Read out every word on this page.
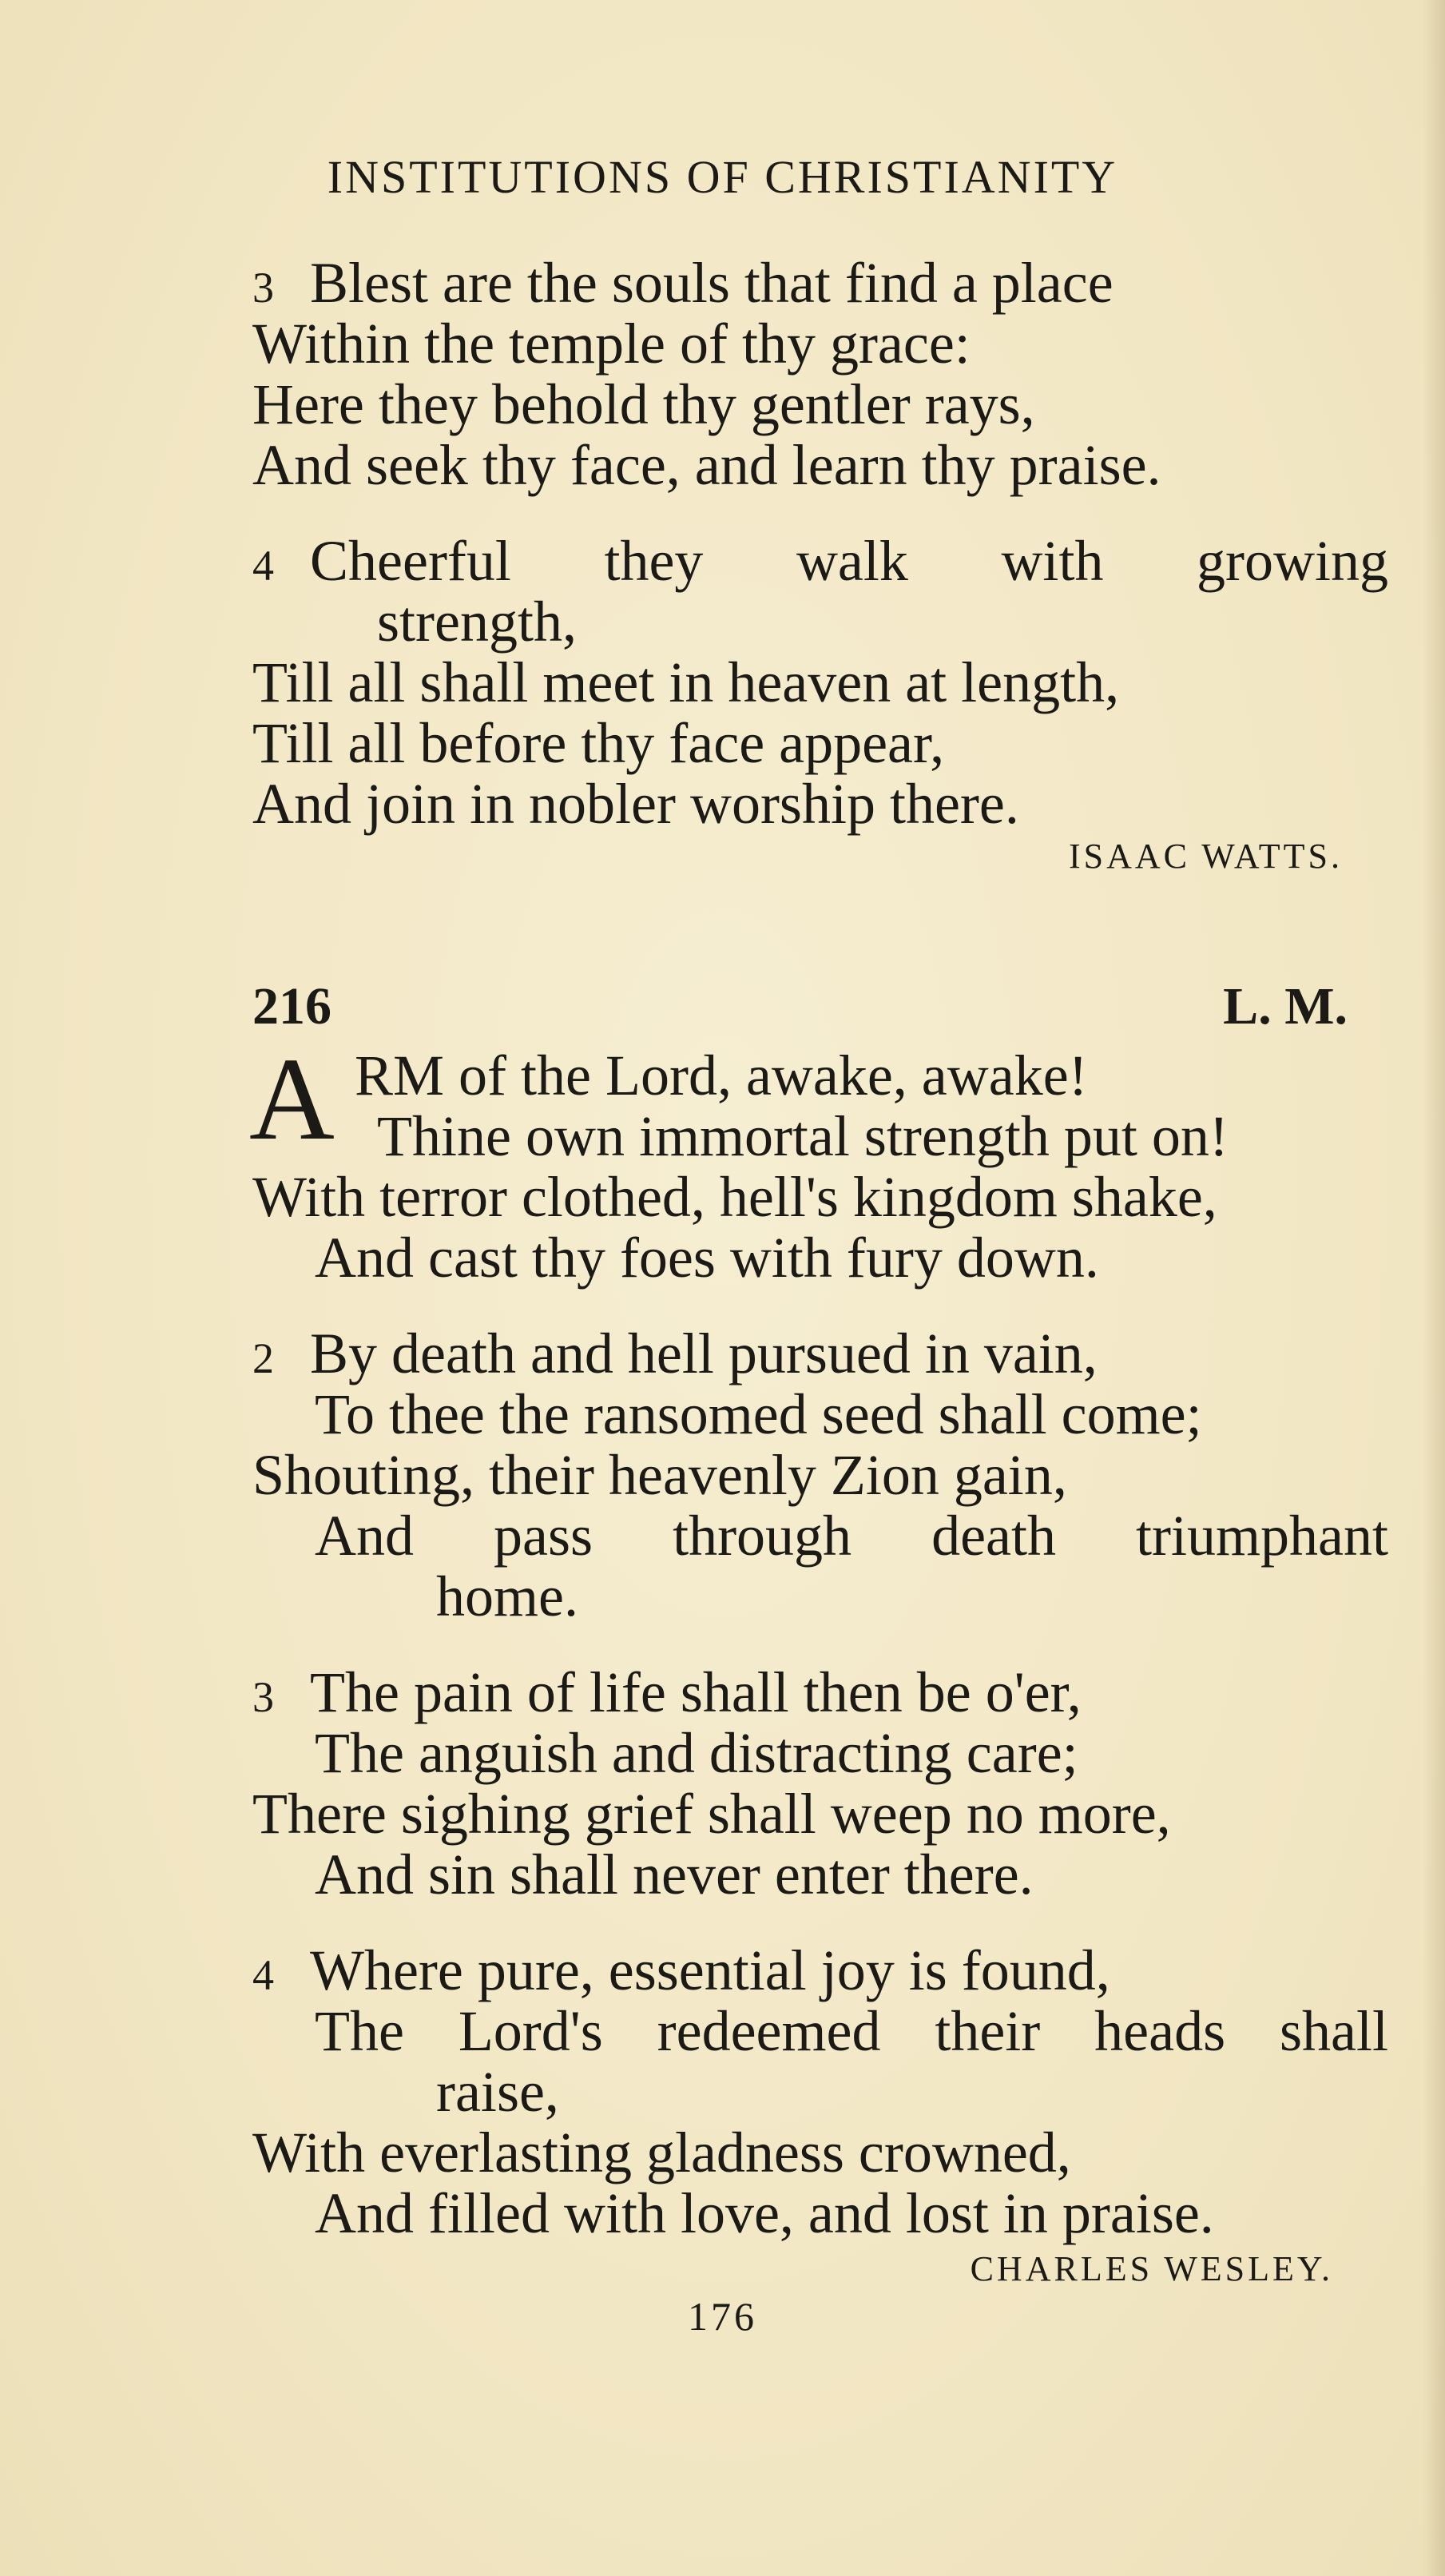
INSTITUTIONS OF CHRISTIANITY
3 Blest are the souls that find a place
Within the temple of thy grace:
Here they behold thy gentler rays,
And seek thy face, and learn thy praise.
4 Cheerful they walk with growing
strength,
Till all shall meet in heaven at length,
Till all before thy face appear,
And join in nobler worship there.
ISAAC WATTS.
216	L. M.
A RM of the Lord, awake, awake!
Thine own immortal strength put on!
With terror clothed, hell's kingdom shake,
And cast thy foes with fury down.
2 By death and hell pursued in vain,
To thee the ransomed seed shall come;
Shouting, their heavenly Zion gain,
And pass through death triumphant
home.
3 The pain of life shall then be o'er,
The anguish and distracting care;
There sighing grief shall weep no more,
And sin shall never enter there.
4 Where pure, essential joy is found,
The Lord's redeemed their heads shall
raise,
With everlasting gladness crowned,
And filled with love, and lost in praise.
CHARLES WESLEY.
176
